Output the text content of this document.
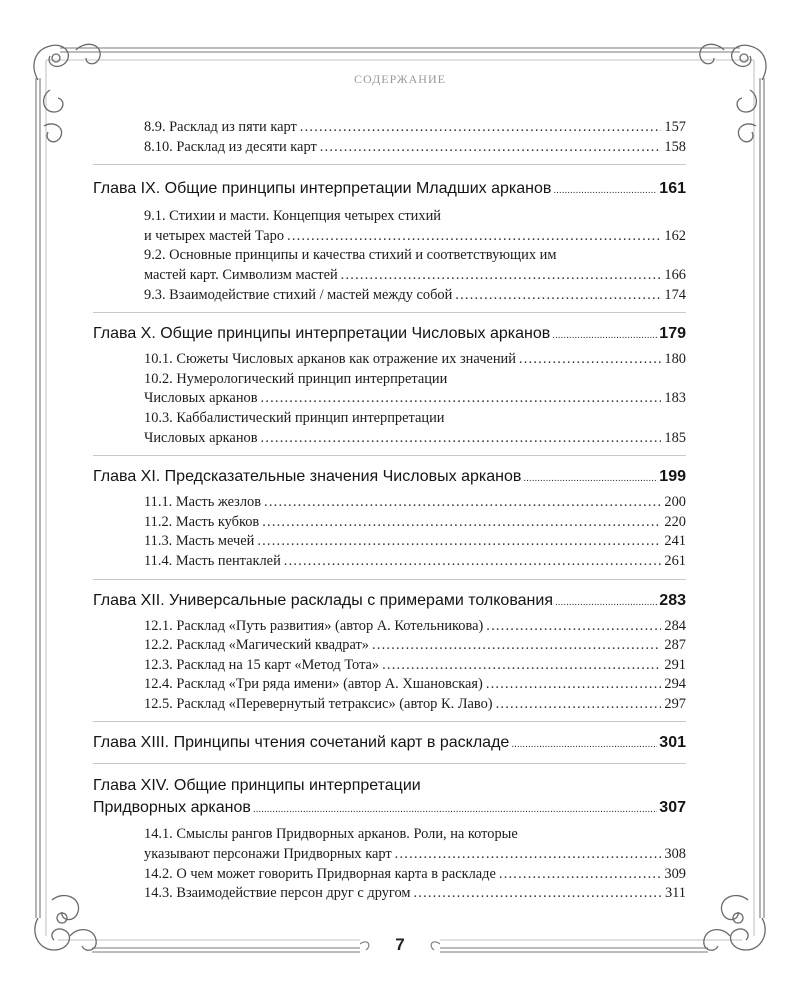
СОДЕРЖАНИЕ
8.9. Расклад из пяти карт .....	157
8.10. Расклад из десяти карт .....	158
Глава IX. Общие принципы интерпретации Младших арканов .....	161
9.1. Стихии и масти. Концепция четырех стихий
и четырех мастей Таро .....	162
9.2. Основные принципы и качества стихий и соответствующих им
мастей карт. Символизм мастей .....	166
9.3. Взаимодействие стихий / мастей между собой .....	174
Глава X. Общие принципы интерпретации Числовых арканов .....	179
10.1. Сюжеты Числовых арканов как отражение их значений .....	180
10.2. Нумерологический принцип интерпретации
Числовых арканов .....	183
10.3. Каббалистический принцип интерпретации
Числовых арканов .....	185
Глава XI. Предсказательные значения Числовых арканов .....	199
11.1. Масть жезлов .....	200
11.2. Масть кубков .....	220
11.3. Масть мечей .....	241
11.4. Масть пентаклей .....	261
Глава XII. Универсальные расклады с примерами толкования .....	283
12.1. Расклад «Путь развития» (автор А. Котельникова) .....	284
12.2. Расклад «Магический квадрат» .....	287
12.3. Расклад на 15 карт «Метод Тота» .....	291
12.4. Расклад «Три ряда имени» (автор А. Хшановская) .....	294
12.5. Расклад «Перевернутый тетраксис» (автор К. Лаво) .....	297
Глава XIII. Принципы чтения сочетаний карт в раскладе .....	301
Глава XIV. Общие принципы интерпретации
Придворных арканов .....	307
14.1. Смыслы рангов Придворных арканов. Роли, на которые
указывают персонажи Придворных карт .....	308
14.2. О чем может говорить Придворная карта в раскладе .....	309
14.3. Взаимодействие персон друг с другом .....	311
7
